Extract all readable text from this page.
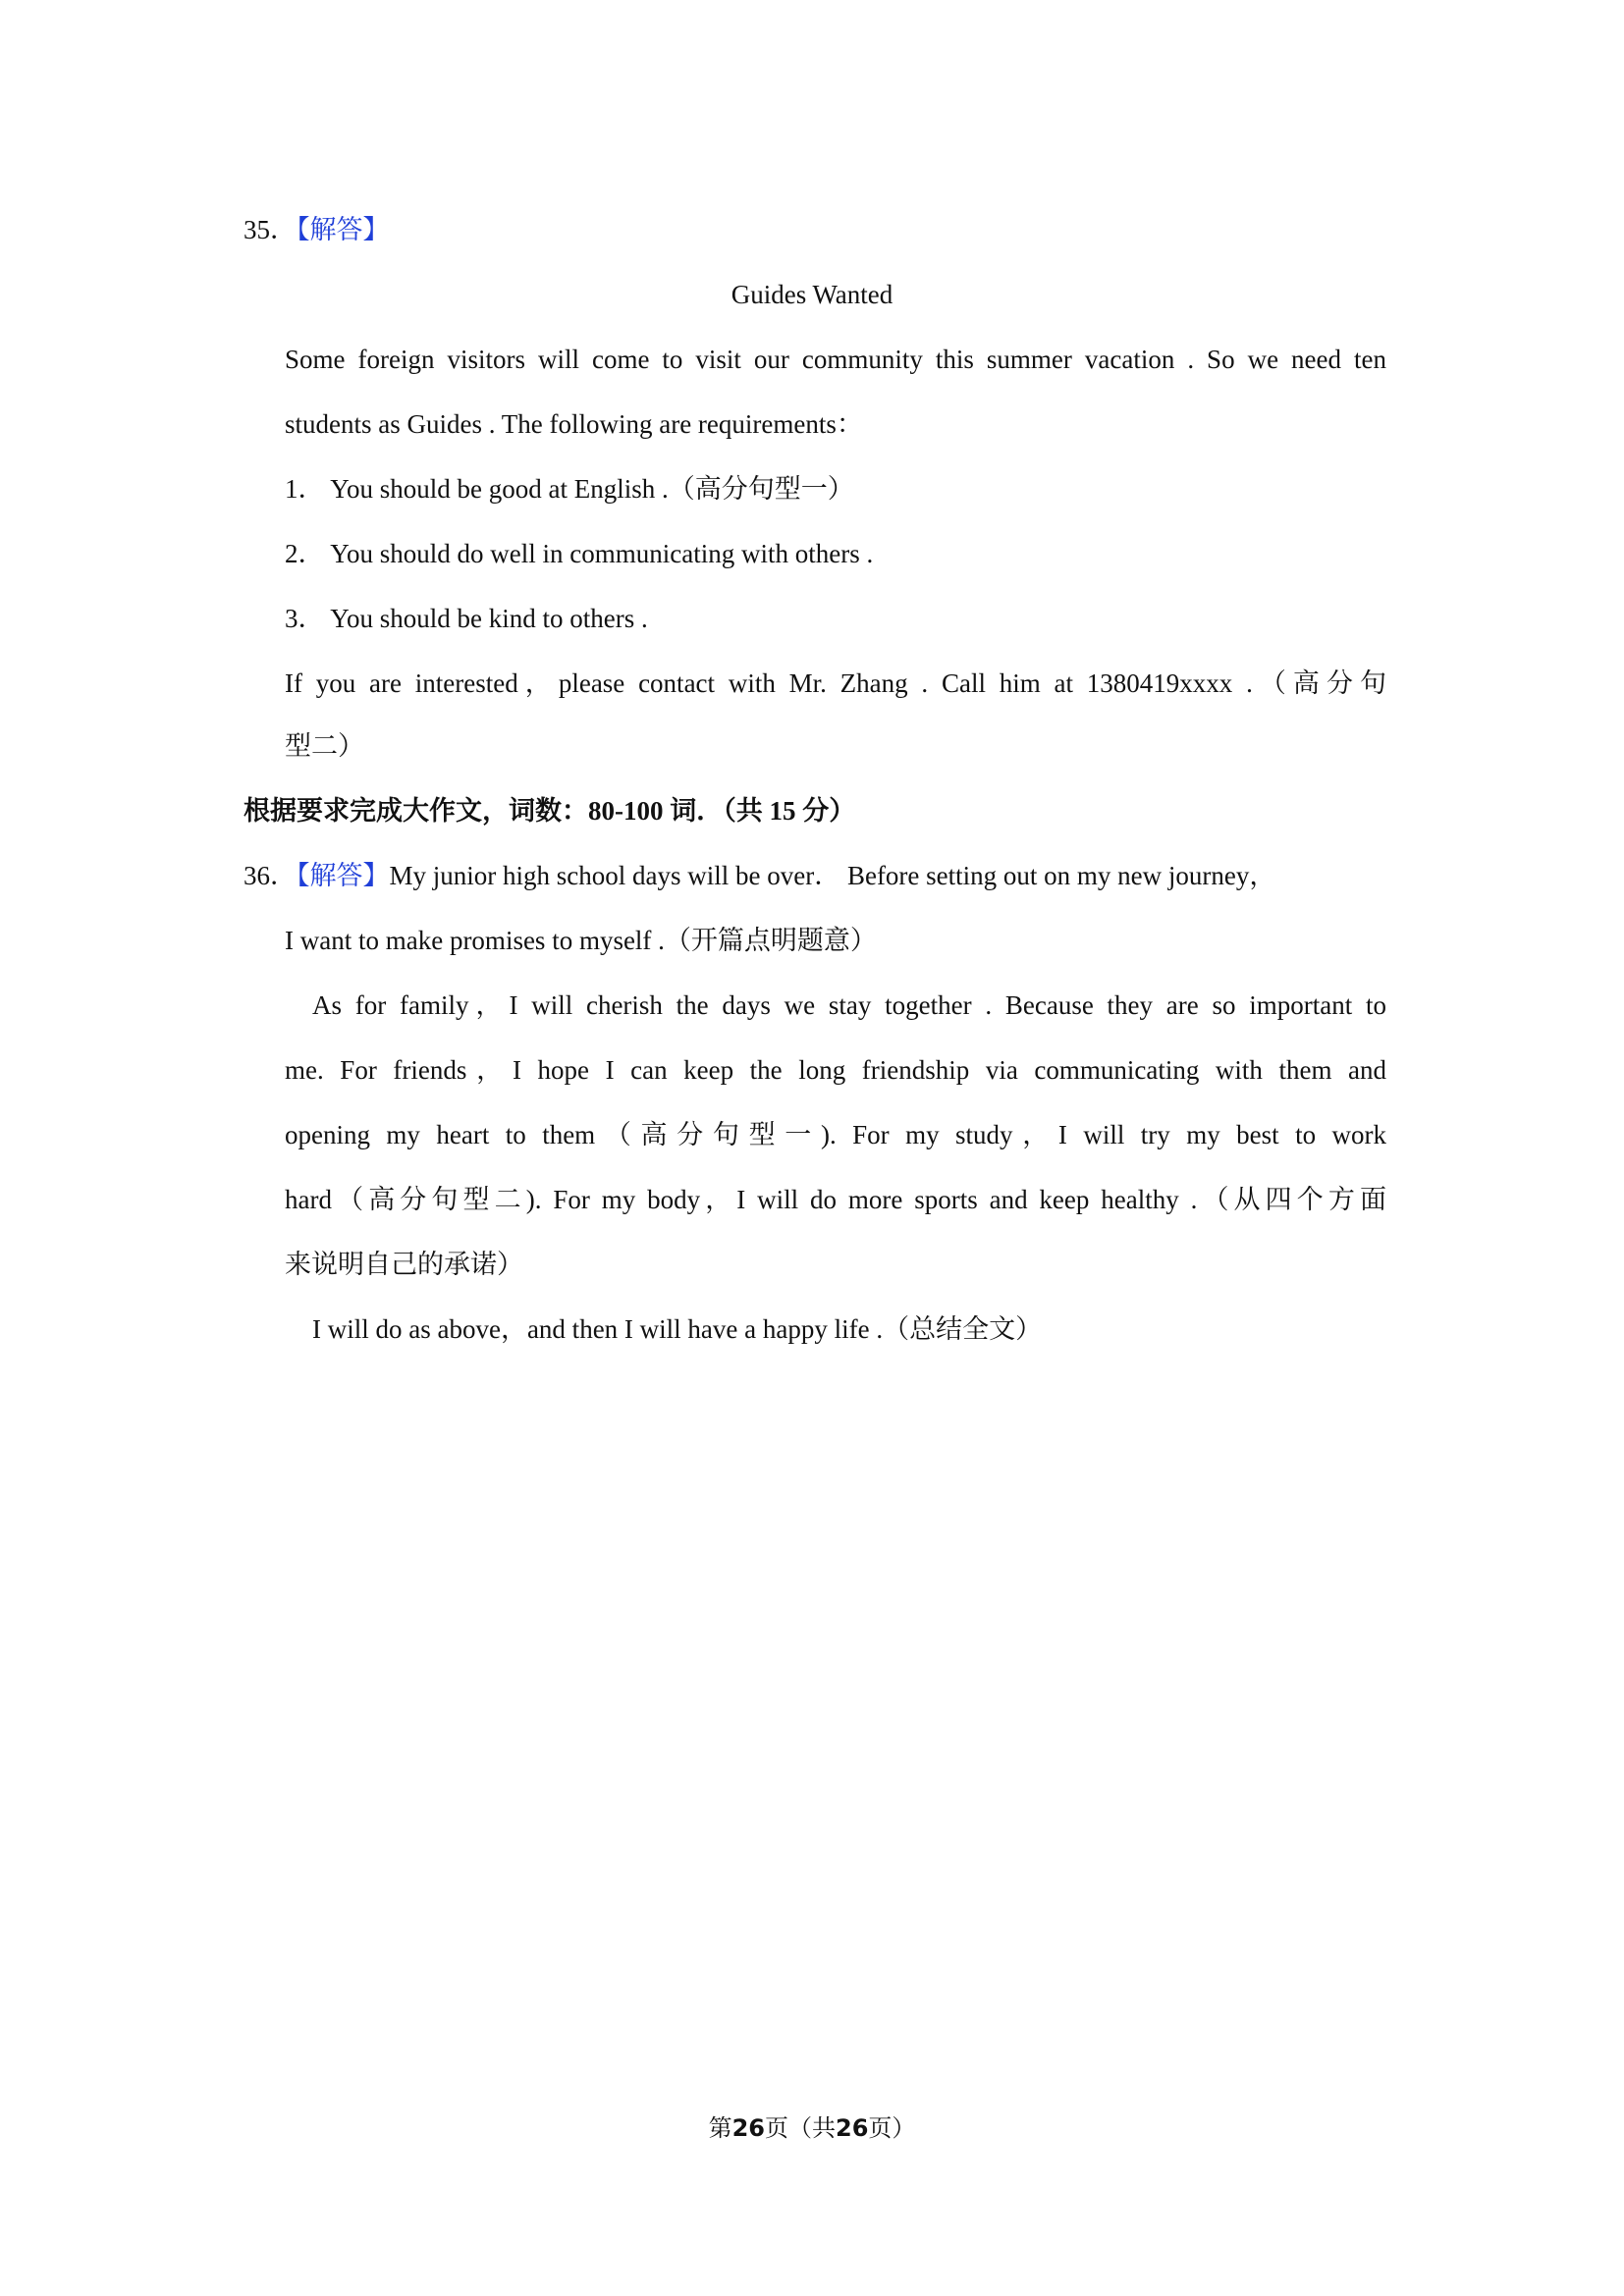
35．【解答】
Guides Wanted
Some foreign visitors will come to visit our community this summer vacation . So we need ten
students as Guides . The following are requirements：
1． You should be good at English .（高分句型一）
2． You should do well in communicating with others .
3． You should be kind to others .
If you are interested，please contact with Mr. Zhang . Call him at 1380419xxxx .（高分句
型二）
根据要求完成大作文，词数：80-100 词．（共 15 分）
36．【解答】My junior high school days will be over． Before setting out on my new journey，
I want to make promises to myself .（开篇点明题意）
As for family，I will cherish the days we stay together . Because they are so important to
me. For friends，I hope I can keep the long friendship via communicating with them and
opening my heart to them（高分句型一). For my study，I will try my best to work
hard（高分句型二). For my body，I will do more sports and keep healthy .（从四个方面
来说明自己的承诺）
I will do as above，and then I will have a happy life .（总结全文）
第26页（共26页）
